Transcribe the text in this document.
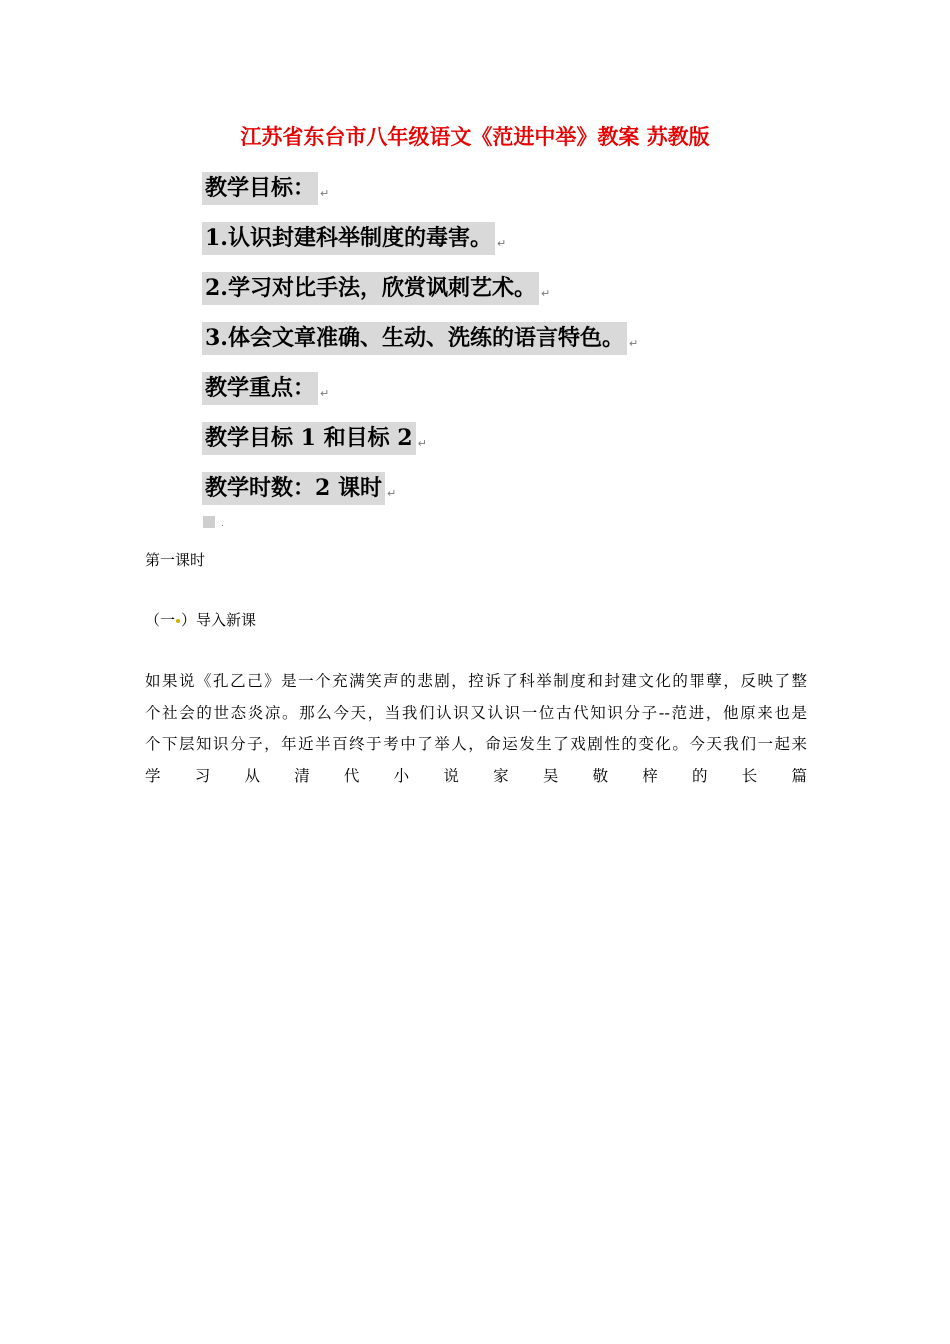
江苏省东台市八年级语文《范进中举》教案 苏教版
教学目标： ↵
1.认识封建科举制度的毒害。 ↵
2.学习对比手法，欣赏讽刺艺术。 ↵
3.体会文章准确、生动、洗练的语言特色。 ↵
教学重点： ↵
教学目标 1 和目标 2 ↵
教学时数：2 课时 ↵
.
第一课时
（一 ）导入新课
如果说《孔乙己》是一个充满笑声的悲剧，控诉了科举制度和封建文化的罪孽，反映了整
个社会的世态炎凉。那么今天，当我们认识又认识一位古代知识分子--范进，他原来也是
个下层知识分子，年近半百终于考中了举人，命运发生了戏剧性的变化。今天我们一起来
学 习 从 清 代 小 说 家 吴 敬 梓 的 长 篇
